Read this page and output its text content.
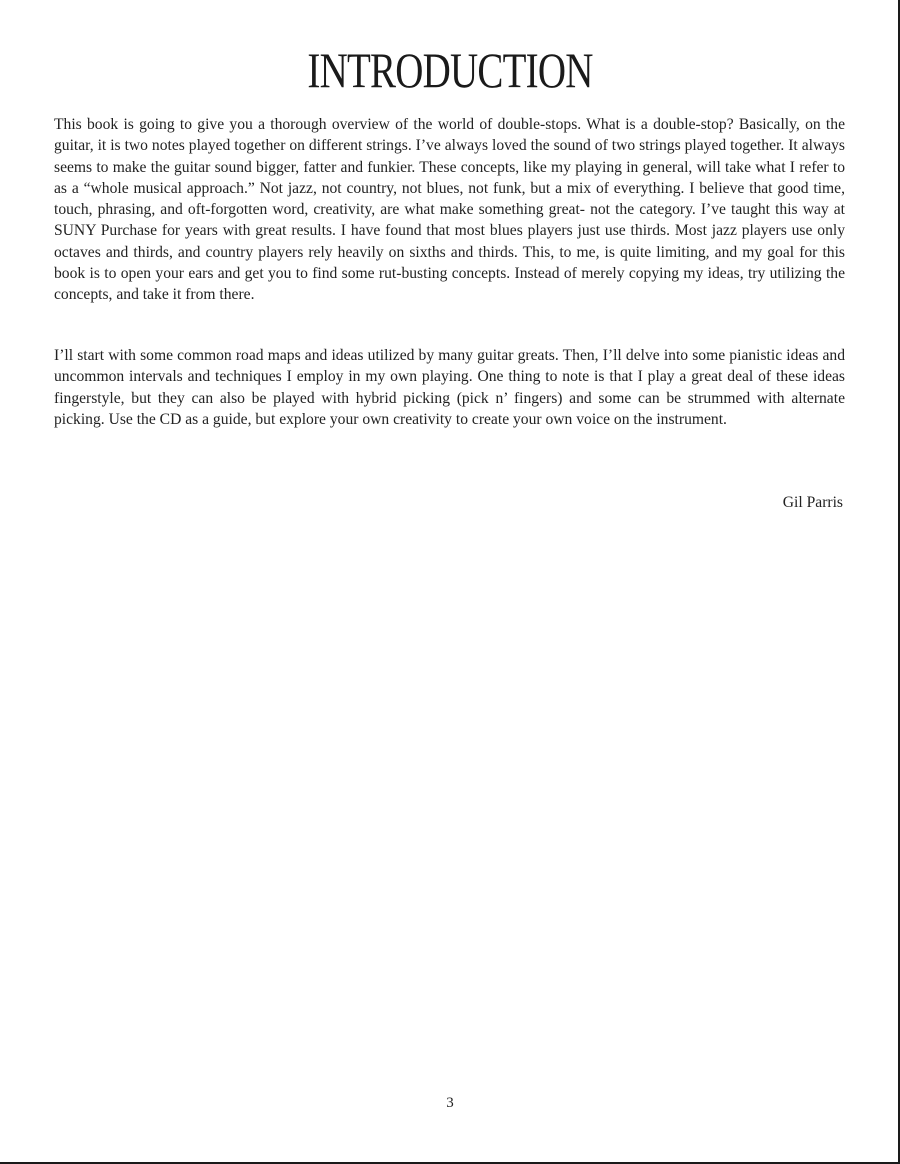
INTRODUCTION

This book is going to give you a thorough overview of the world of double-stops. What is a double-stop? Basically, on the guitar, it is two notes played together on different strings. I’ve always loved the sound of two strings played together. It always seems to make the guitar sound bigger, fatter and funkier. These concepts, like my playing in general, will take what I refer to as a “whole musical approach.” Not jazz, not country, not blues, not funk, but a mix of everything. I believe that good time, touch, phrasing, and oft-forgotten word, creativity, are what make something great- not the category. I’ve taught this way at SUNY Purchase for years with great results. I have found that most blues players just use thirds. Most jazz players use only octaves and thirds, and country players rely heavily on sixths and thirds. This, to me, is quite limiting, and my goal for this book is to open your ears and get you to find some rut-busting concepts. Instead of merely copying my ideas, try utilizing the concepts, and take it from there.

I’ll start with some common road maps and ideas utilized by many guitar greats. Then, I’ll delve into some pianistic ideas and uncommon intervals and techniques I employ in my own playing. One thing to note is that I play a great deal of these ideas fingerstyle, but they can also be played with hybrid picking (pick n’ fingers) and some can be strummed with alternate picking. Use the CD as a guide, but explore your own creativity to create your own voice on the instrument.

Gil Parris

3
